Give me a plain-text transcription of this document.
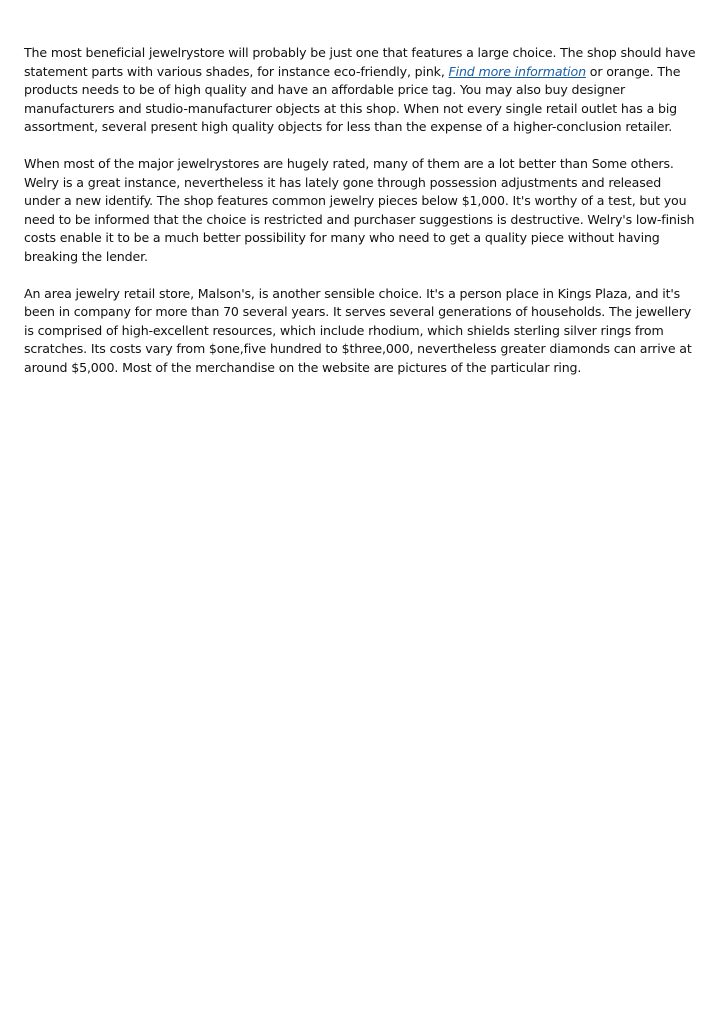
The most beneficial jewelrystore will probably be just one that features a large choice. The shop should have statement parts with various shades, for instance eco-friendly, pink, Find more information or orange. The products needs to be of high quality and have an affordable price tag. You may also buy designer manufacturers and studio-manufacturer objects at this shop. When not every single retail outlet has a big assortment, several present high quality objects for less than the expense of a higher-conclusion retailer.

When most of the major jewelrystores are hugely rated, many of them are a lot better than Some others. Welry is a great instance, nevertheless it has lately gone through possession adjustments and released under a new identify. The shop features common jewelry pieces below $1,000. It's worthy of a test, but you need to be informed that the choice is restricted and purchaser suggestions is destructive. Welry's low-finish costs enable it to be a much better possibility for many who need to get a quality piece without having breaking the lender.

An area jewelry retail store, Malson's, is another sensible choice. It's a person place in Kings Plaza, and it's been in company for more than 70 several years. It serves several generations of households. The jewellery is comprised of high-excellent resources, which include rhodium, which shields sterling silver rings from scratches. Its costs vary from $one,five hundred to $three,000, nevertheless greater diamonds can arrive at around $5,000. Most of the merchandise on the website are pictures of the particular ring.
